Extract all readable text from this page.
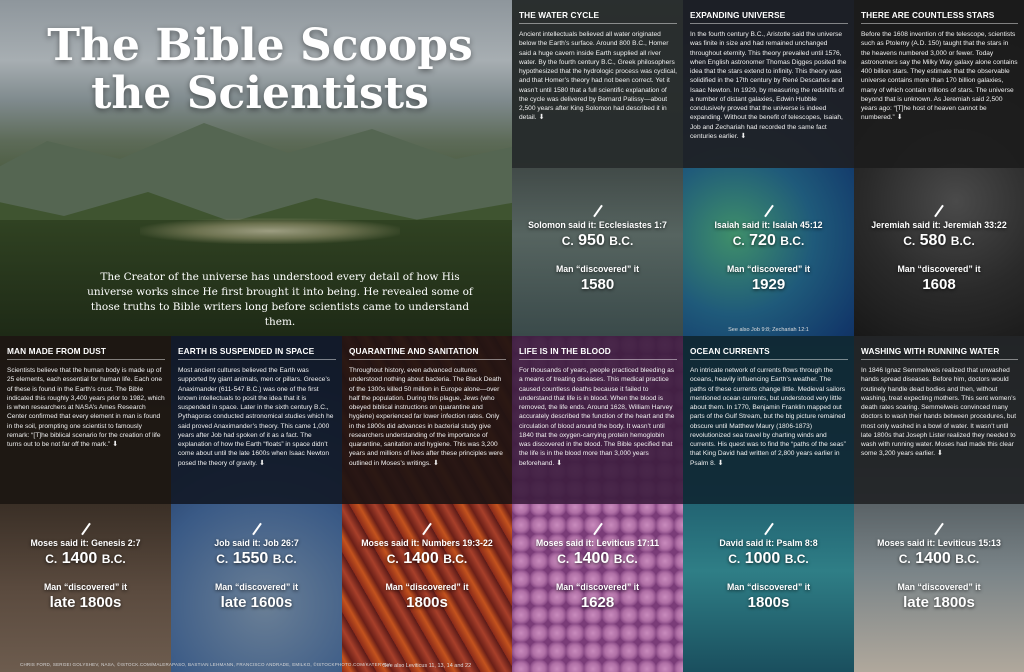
The Bible Scoops the Scientists

The Creator of the universe has understood every detail of how His universe works since He first brought it into being. He revealed some of those truths to Bible writers long before scientists came to understand them.

THE WATER CYCLE

Ancient intellectuals believed all water originated below the Earth’s surface. Around 800 B.C., Homer said a huge cavern inside Earth supplied all river water. By the fourth century B.C., Greek philosophers hypothesized that the hydrologic process was cyclical, and that Homer’s theory had not been correct. Yet it wasn’t until 1580 that a full scientific explanation of the cycle was delivered by Bernard Palissy—about 2,500 years after King Solomon had described it in detail. ⬇

Solomon said it: Ecclesiastes 1:7
C. 950 B.C.
Man “discovered” it
1580
EXPANDING UNIVERSE

In the fourth century B.C., Aristotle said the universe was finite in size and had remained unchanged throughout eternity. This theory prevailed until 1576, when English astronomer Thomas Digges posited the idea that the stars extend to infinity. This theory was solidified in the 17th century by René Descartes and Isaac Newton. In 1929, by measuring the redshifts of a number of distant galaxies, Edwin Hubble conclusively proved that the universe is indeed expanding. Without the benefit of telescopes, Isaiah, Job and Zechariah had recorded the same fact centuries earlier. ⬇

Isaiah said it: Isaiah 45:12
C. 720 B.C.
Man “discovered” it
1929
See also Job 9:8; Zechariah 12:1
THERE ARE COUNTLESS STARS

Before the 1608 invention of the telescope, scientists such as Ptolemy (A.D. 150) taught that the stars in the heavens numbered 3,000 or fewer. Today astronomers say the Milky Way galaxy alone contains 400 billion stars. They estimate that the observable universe contains more than 170 billion galaxies, many of which contain trillions of stars. The universe beyond that is unknown. As Jeremiah said 2,500 years ago: “[T]he host of heaven cannot be numbered.” ⬇

Jeremiah said it: Jeremiah 33:22
C. 580 B.C.
Man “discovered” it
1608
MAN MADE FROM DUST

Scientists believe that the human body is made up of 25 elements, each essential for human life. Each one of these is found in the Earth’s crust. The Bible indicated this roughly 3,400 years prior to 1982, which is when researchers at NASA’s Ames Research Center confirmed that every element in man is found in the soil, prompting one scientist to famously remark: “[T]he biblical scenario for the creation of life turns out to be not far off the mark.” ⬇

Moses said it: Genesis 2:7
C. 1400 B.C.
Man “discovered” it
late 1800s
EARTH IS SUSPENDED IN SPACE

Most ancient cultures believed the Earth was supported by giant animals, men or pillars. Greece’s Anaximander (611-547 B.C.) was one of the first known intellectuals to posit the idea that it is suspended in space. Later in the sixth century B.C., Pythagoras conducted astronomical studies which he said proved Anaximander’s theory. This came 1,000 years after Job had spoken of it as a fact. The explanation of how the Earth “floats” in space didn’t come about until the late 1600s when Isaac Newton posed the theory of gravity. ⬇

Job said it: Job 26:7
C. 1550 B.C.
Man “discovered” it
late 1600s
QUARANTINE AND SANITATION

Throughout history, even advanced cultures understood nothing about bacteria. The Black Death of the 1300s killed 50 million in Europe alone—over half the population. During this plague, Jews (who obeyed biblical instructions on quarantine and hygiene) experienced far lower infection rates. Only in the 1800s did advances in bacterial study give researchers understanding of the importance of quarantine, sanitation and hygiene. This was 3,200 years and millions of lives after these principles were outlined in Moses’s writings. ⬇

Moses said it: Numbers 19:3-22
C. 1400 B.C.
Man “discovered” it
1800s
See also Leviticus 11, 13, 14 and 22
LIFE IS IN THE BLOOD

For thousands of years, people practiced bleeding as a means of treating diseases. This medical practice caused countless deaths because it failed to understand that life is in blood. When the blood is removed, the life ends. Around 1628, William Harvey accurately described the function of the heart and the circulation of blood around the body. It wasn’t until 1840 that the oxygen-carrying protein hemoglobin was discovered in the blood. The Bible specified that the life is in the blood more than 3,000 years beforehand. ⬇

Moses said it: Leviticus 17:11
C. 1400 B.C.
Man “discovered” it
1628
OCEAN CURRENTS

An intricate network of currents flows through the oceans, heavily influencing Earth’s weather. The paths of these currents change little. Medieval sailors mentioned ocean currents, but understood very little about them. In 1770, Benjamin Franklin mapped out parts of the Gulf Stream, but the big picture remained obscure until Matthew Maury (1806-1873) revolutionized sea travel by charting winds and currents. His quest was to find the “paths of the seas” that King David had written of 2,800 years earlier in Psalm 8. ⬇

David said it: Psalm 8:8
C. 1000 B.C.
Man “discovered” it
1800s
WASHING WITH RUNNING WATER

In 1846 Ignaz Semmelweis realized that unwashed hands spread diseases. Before him, doctors would routinely handle dead bodies and then, without washing, treat expecting mothers. This sent women’s death rates soaring. Semmelweis convinced many doctors to wash their hands between procedures, but most only washed in a bowl of water. It wasn’t until late 1800s that Joseph Lister realized they needed to wash with running water. Moses had made this clear some 3,200 years earlier. ⬇

Moses said it: Leviticus 15:13
C. 1400 B.C.
Man “discovered” it
late 1800s
CHRIS FORD, SERGEI GOLYSHEV, NASA, ©ISTOCK.COM/MALERAPASO, BASTIAN LEHMANN, FRANCISCO ANDRADE, EMILKO, ©ISTOCKPHOTO.COM/KATERYNA
